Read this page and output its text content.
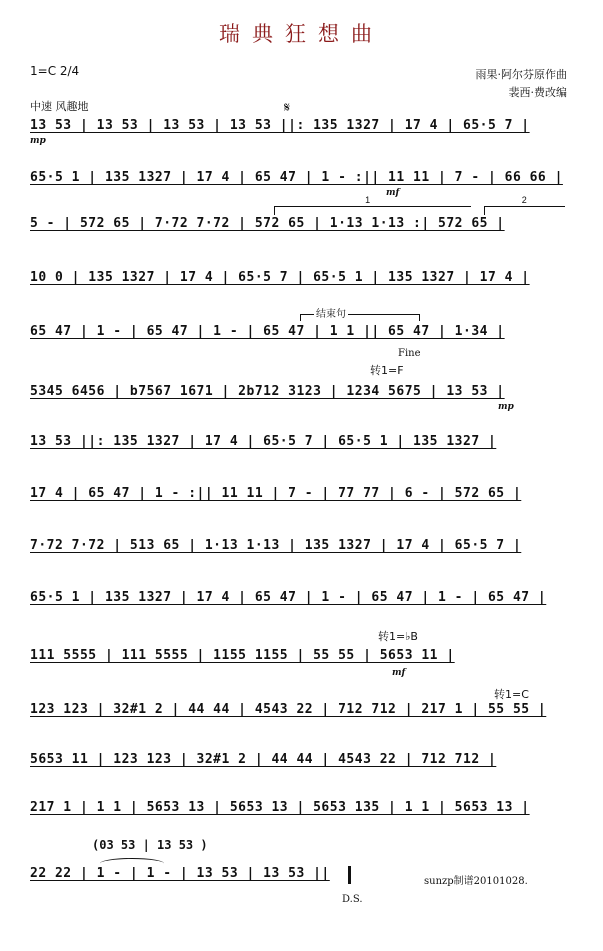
瑞典狂想曲
1=C 2/4	雨果·阿尔芬原作曲
裴西·费改编
中速 风趣地	𝄋
mp
mf
1	2
结束句
Fine
转1=F
mp
转1=♭B
mf
转1=C
(03 53 | 13 53 )
D.S.
sunzp制谱20101028.
13 53 | 13 53 | 13 53 | 13 53 ||: 135 1327 | 17 4 | 65·5 7 |
65·5 1 | 135 1327 | 17 4 | 65 47 | 1 - :|| 11 11 | 7 - | 66 66 |
5 - | 572 65 | 7·72 7·72 | 572 65 | 1·13 1·13 :| 572 65 |
10 0 | 135 1327 | 17 4 | 65·5 7 | 65·5 1 | 135 1327 | 17 4 |
65 47 | 1 - | 65 47 | 1 - | 65 47 | 1 1 || 65 47 | 1·34 |
5345 6456 | b7567 1671 | 2b712 3123 | 1234 5675 | 13 53 |
13 53 ||: 135 1327 | 17 4 | 65·5 7 | 65·5 1 | 135 1327 |
17 4 | 65 47 | 1 - :|| 11 11 | 7 - | 77 77 | 6 - | 572 65 |
7·72 7·72 | 513 65 | 1·13 1·13 | 135 1327 | 17 4 | 65·5 7 |
65·5 1 | 135 1327 | 17 4 | 65 47 | 1 - | 65 47 | 1 - | 65 47 |
111 5555 | 111 5555 | 1155 1155 | 55 55 | 5653 11 |
123 123 | 32#1 2 | 44 44 | 4543 22 | 712 712 | 217 1 | 55 55 |
5653 11 | 123 123 | 32#1 2 | 44 44 | 4543 22 | 712 712 |
217 1 | 1 1 | 5653 13 | 5653 13 | 5653 135 | 1 1 | 5653 13 |
22 22 | 1 - | 1 - | 13 53 | 13 53 ||
